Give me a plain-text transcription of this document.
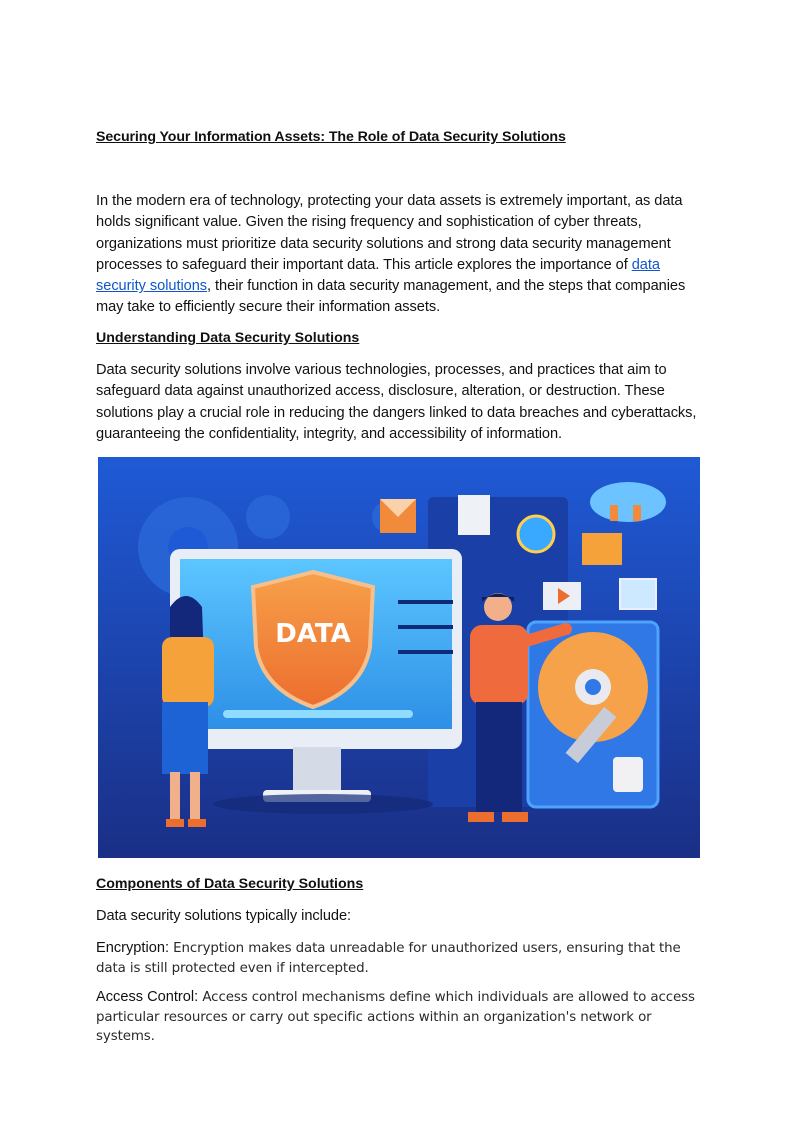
Securing Your Information Assets: The Role of Data Security Solutions

In the modern era of technology, protecting your data assets is extremely important, as data holds significant value. Given the rising frequency and sophistication of cyber threats, organizations must prioritize data security solutions and strong data security management processes to safeguard their important data. This article explores the importance of data security solutions, their function in data security management, and the steps that companies may take to efficiently secure their information assets.

Understanding Data Security Solutions

Data security solutions involve various technologies, processes, and practices that aim to safeguard data against unauthorized access, disclosure, alteration, or destruction. These solutions play a crucial role in reducing the dangers linked to data breaches and cyberattacks, guaranteeing the confidentiality, integrity, and accessibility of information.

DATA
Components of Data Security Solutions

Data security solutions typically include:

Encryption: Encryption makes data unreadable for unauthorized users, ensuring that the data is still protected even if intercepted.

Access Control: Access control mechanisms define which individuals are allowed to access particular resources or carry out specific actions within an organization's network or systems.
